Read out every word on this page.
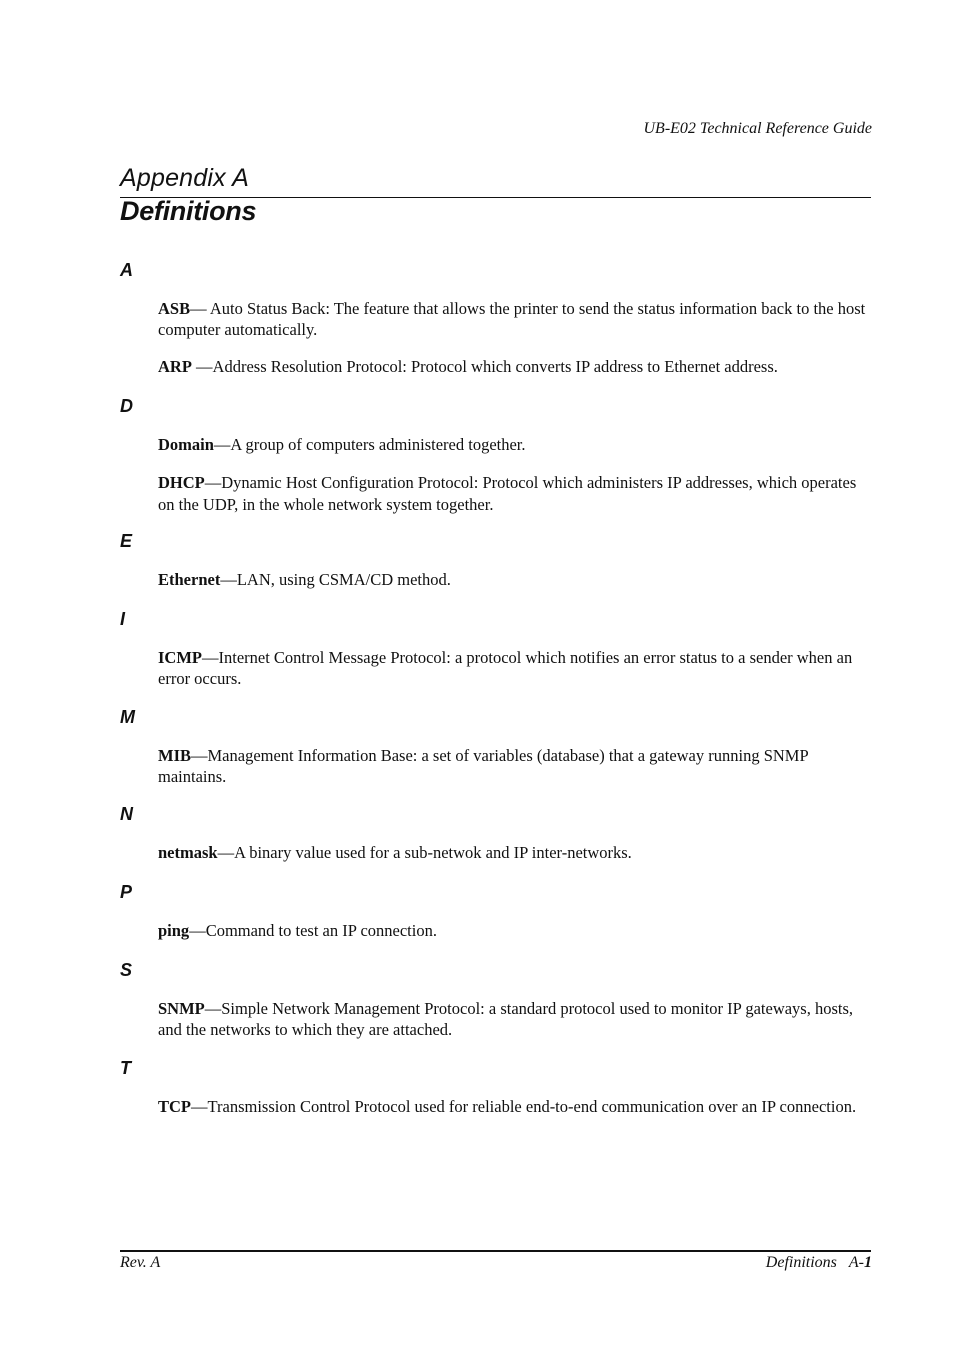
UB-E02 Technical Reference Guide
Appendix A
Definitions
A
ASB— Auto Status Back: The feature that allows the printer to send the status information back to the host computer automatically.
ARP —Address Resolution Protocol: Protocol which converts IP address to Ethernet address.
D
Domain—A group of computers administered together.
DHCP—Dynamic Host Configuration Protocol: Protocol which administers IP addresses, which operates on the UDP, in the whole network system together.
E
Ethernet—LAN, using CSMA/CD method.
I
ICMP—Internet Control Message Protocol: a protocol which notifies an error status to a sender when an error occurs.
M
MIB—Management Information Base: a set of variables (database) that a gateway running SNMP maintains.
N
netmask—A binary value used for a sub-netwok and IP inter-networks.
P
ping—Command to test an IP connection.
S
SNMP—Simple Network Management Protocol: a standard protocol used to monitor IP gateways, hosts, and the networks to which they are attached.
T
TCP—Transmission Control Protocol used for reliable end-to-end communication over an IP connection.
Rev. A	Definitions A-1
